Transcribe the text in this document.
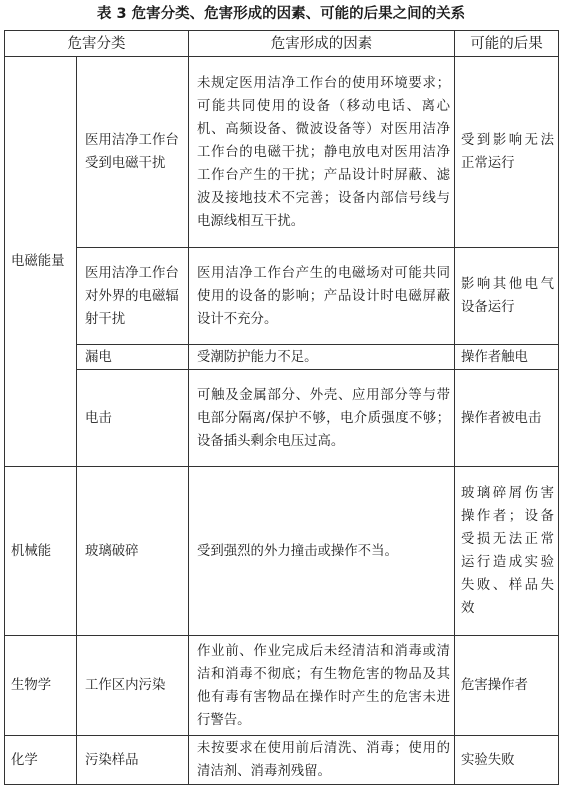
表 3 危害分类、危害形成的因素、可能的后果之间的关系
危害分类		危害形成的因素	可能的后果
电磁能量	医用洁净工作台受到电磁干扰	未规定医用洁净工作台的使用环境要求；可能共同使用的设备（移动电话、离心机、高频设备、微波设备等）对医用洁净工作台的电磁干扰；静电放电对医用洁净工作台产生的干扰；产品设计时屏蔽、滤波及接地技术不完善；设备内部信号线与电源线相互干扰。	受到影响无法正常运行
	医用洁净工作台对外界的电磁辐射干扰	医用洁净工作台产生的电磁场对可能共同使用的设备的影响；产品设计时电磁屏蔽设计不充分。	影响其他电气设备运行
	漏电	受潮防护能力不足。	操作者触电
	电击	可触及金属部分、外壳、应用部分等与带电部分隔离/保护不够，电介质强度不够；设备插头剩余电压过高。	操作者被电击
机械能	玻璃破碎	受到强烈的外力撞击或操作不当。	玻璃碎屑伤害操作者；设备受损无法正常运行造成实验失败、样品失效
生物学	工作区内污染	作业前、作业完成后未经清洁和消毒或清洁和消毒不彻底；有生物危害的物品及其他有毒有害物品在操作时产生的危害未进行警告。	危害操作者
化学	污染样品	未按要求在使用前后清洗、消毒；使用的清洁剂、消毒剂残留。	实验失败
